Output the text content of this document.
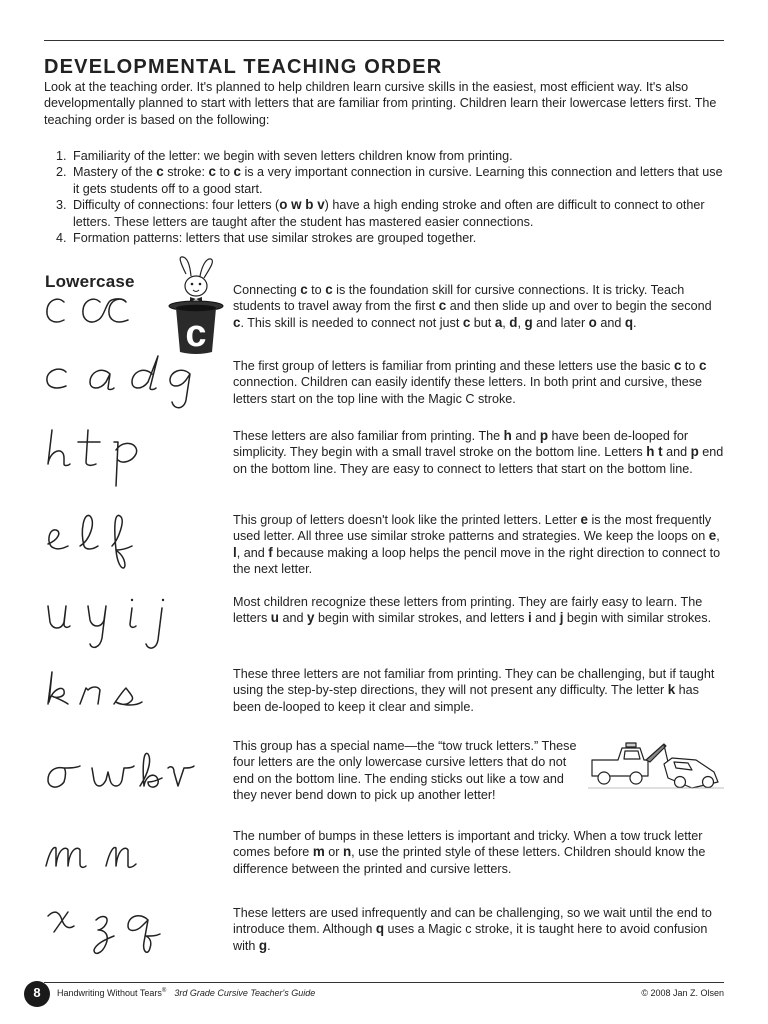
DEVELOPMENTAL TEACHING ORDER
Look at the teaching order. It's planned to help children learn cursive skills in the easiest, most efficient way. It's also developmentally planned to start with letters that are familiar from printing. Children learn their lowercase letters first. The teaching order is based on the following:
1. Familiarity of the letter: we begin with seven letters children know from printing.
2. Mastery of the c stroke: c to c is a very important connection in cursive. Learning this connection and letters that use it gets students off to a good start.
3. Difficulty of connections: four letters (o w b v) have a high ending stroke and often are difficult to connect to other letters. These letters are taught after the student has mastered easier connections.
4. Formation patterns: letters that use similar strokes are grouped together.
Lowercase
c
Connecting c to c is the foundation skill for cursive connections. It is tricky. Teach students to travel away from the first c and then slide up and over to begin the second c. This skill is needed to connect not just c but a, d, g and later o and q.
The first group of letters is familiar from printing and these letters use the basic c to c connection. Children can easily identify these letters. In both print and cursive, these letters start on the top line with the Magic C stroke.
These letters are also familiar from printing. The h and p have been de-looped for simplicity. They begin with a small travel stroke on the bottom line. Letters h t and p end on the bottom line. They are easy to connect to letters that start on the bottom line.
This group of letters doesn't look like the printed letters. Letter e is the most frequently used letter. All three use similar stroke patterns and strategies. We keep the loops on e, l, and f because making a loop helps the pencil move in the right direction to connect to the next letter.
Most children recognize these letters from printing. They are fairly easy to learn. The letters u and y begin with similar strokes, and letters i and j begin with similar strokes.
These three letters are not familiar from printing. They can be challenging, but if taught using the step-by-step directions, they will not present any difficulty. The letter k has been de-looped to keep it clear and simple.
This group has a special name—the “tow truck letters.” These four letters are the only lowercase cursive letters that do not end on the bottom line. The ending sticks out like a tow and they never bend down to pick up another letter!
The number of bumps in these letters is important and tricky. When a tow truck letter comes before m or n, use the printed style of these letters. Children should know the difference between the printed and cursive letters.
These letters are used infrequently and can be challenging, so we wait until the end to introduce them. Although q uses a Magic c stroke, it is taught here to avoid confusion with g.
8	Handwriting Without Tears® 3rd Grade Cursive Teacher's Guide	© 2008 Jan Z. Olsen
